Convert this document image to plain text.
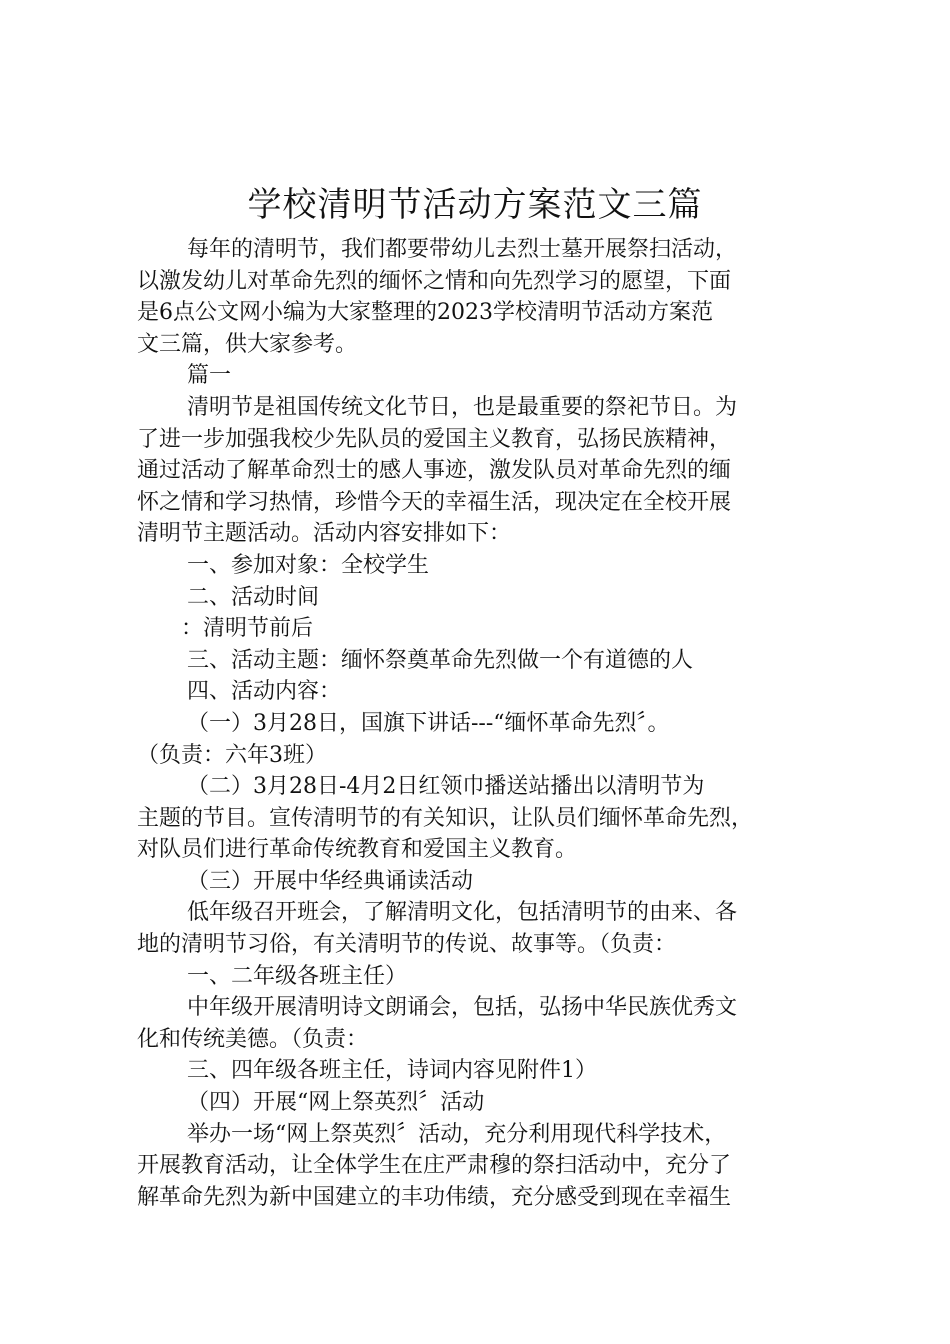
学校清明节活动方案范文三篇
每年的清明节，我们都要带幼儿去烈士墓开展祭扫活动，
以激发幼儿对革命先烈的缅怀之情和向先烈学习的愿望，下面
是6点公文网小编为大家整理的2023学校清明节活动方案范
文三篇，供大家参考。
篇一
清明节是祖国传统文化节日，也是最重要的祭祀节日。为
了进一步加强我校少先队员的爱国主义教育，弘扬民族精神，
通过活动了解革命烈士的感人事迹，激发队员对革命先烈的缅
怀之情和学习热情，珍惜今天的幸福生活，现决定在全校开展
清明节主题活动。活动内容安排如下：
一、参加对象：全校学生
二、活动时间
：清明节前后
三、活动主题：缅怀祭奠革命先烈做一个有道德的人
四、活动内容：
（一）3月28日，国旗下讲话---“缅怀革命先烈〞。
（负责：六年3班）
（二）3月28日-4月2日红领巾播送站播出以清明节为
主题的节目。宣传清明节的有关知识，让队员们缅怀革命先烈，
对队员们进行革命传统教育和爱国主义教育。
（三）开展中华经典诵读活动
低年级召开班会，了解清明文化，包括清明节的由来、各
地的清明节习俗，有关清明节的传说、故事等。（负责：
一、二年级各班主任）
中年级开展清明诗文朗诵会，包括，弘扬中华民族优秀文
化和传统美德。（负责：
三、四年级各班主任，诗词内容见附件1）
（四）开展“网上祭英烈〞活动
举办一场“网上祭英烈〞活动，充分利用现代科学技术，
开展教育活动，让全体学生在庄严肃穆的祭扫活动中，充分了
解革命先烈为新中国建立的丰功伟绩，充分感受到现在幸福生
